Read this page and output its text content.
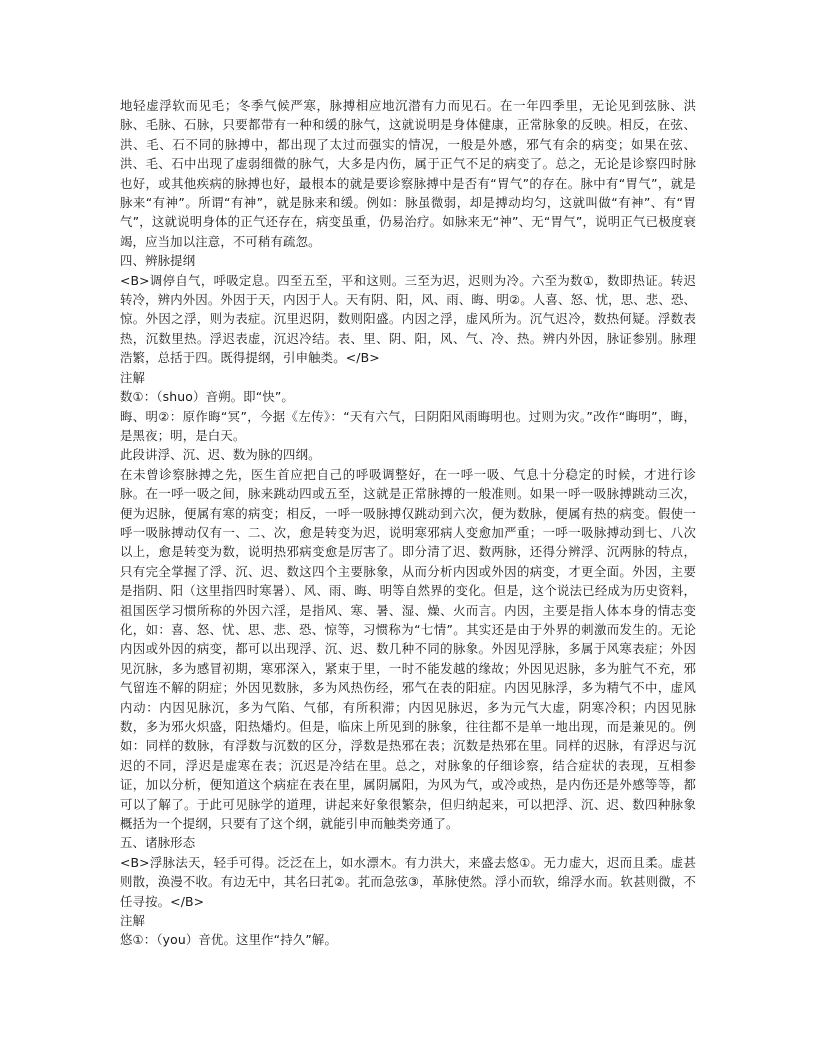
地轻虚浮软而见毛；冬季气候严寒，脉搏相应地沉潜有力而见石。在一年四季里，无论见到弦脉、洪脉、毛脉、石脉，只要都带有一种和缓的脉气，这就说明是身体健康，正常脉象的反映。相反，在弦、洪、毛、石不同的脉搏中，都出现了太过而强实的情况，一般是外感，邪气有余的病变；如果在弦、洪、毛、石中出现了虚弱细微的脉气，大多是内伤，属于正气不足的病变了。总之，无论是诊察四时脉也好，或其他疾病的脉搏也好，最根本的就是要诊察脉搏中是否有“胃气”的存在。脉中有“胃气”，就是脉来“有神”。所谓“有神”，就是脉来和缓。例如：脉虽微弱，却是搏动均匀，这就叫做“有神”、有“胃气”，这就说明身体的正气还存在，病变虽重，仍易治疗。如脉来无“神”、无“胃气”，说明正气已极度衰竭，应当加以注意，不可稍有疏忽。

四、辨脉提纲

<B>调停自气，呼吸定息。四至五至，平和这则。三至为迟，迟则为冷。六至为数①，数即热证。转迟转冷，辨内外因。外因于天，内因于人。天有阴、阳，风、雨、晦、明②。人喜、怒、忧，思、悲、恐、惊。外因之浮，则为表症。沉里迟阴，数则阳盛。内因之浮，虚风所为。沉气迟冷，数热何疑。浮数表热，沉数里热。浮迟表虚，沉迟冷结。表、里、阴、阳，风、气、冷、热。辨内外因，脉证参别。脉理浩繁，总括于四。既得提纲，引申触类。</B>

注解

数①：（shuo）音朔。即“快”。

晦、明②：原作晦“冥”，今据《左传》：“天有六气，曰阴阳风雨晦明也。过则为灾。”改作“晦明”，晦，是黑夜；明，是白天。

此段讲浮、沉、迟、数为脉的四纲。

在未曾诊察脉搏之先，医生首应把自己的呼吸调整好，在一呼一吸、气息十分稳定的时候，才进行诊脉。在一呼一吸之间，脉来跳动四或五至，这就是正常脉搏的一般准则。如果一呼一吸脉搏跳动三次，便为迟脉，便属有寒的病变；相反，一呼一吸脉搏仅跳动到六次，便为数脉，便属有热的病变。假使一呼一吸脉搏动仅有一、二、次，愈是转变为迟，说明寒邪病人变愈加严重；一呼一吸脉搏动到七、八次以上，愈是转变为数，说明热邪病变愈是厉害了。即分清了迟、数两脉，还得分辨浮、沉两脉的特点，只有完全掌握了浮、沉、迟、数这四个主要脉象，从而分析内因或外因的病变，才更全面。外因，主要是指阴、阳（这里指四时寒暑）、风、雨、晦、明等自然界的变化。但是，这个说法已经成为历史资料，祖国医学习惯所称的外因六淫，是指风、寒、暑、湿、燥、火而言。内因，主要是指人体本身的情志变化，如：喜、怒、忧、思、悲、恐、惊等，习惯称为“七情”。其实还是由于外界的刺激而发生的。无论内因或外因的病变，都可以出现浮、沉、迟、数几种不同的脉象。外因见浮脉，多属于风寒表症；外因见沉脉，多为感冒初期，寒邪深入，紧束于里，一时不能发越的缘故；外因见迟脉，多为脏气不充，邪气留连不解的阴症；外因见数脉，多为风热伤经，邪气在表的阳症。内因见脉浮，多为精气不中，虚风内动：内因见脉沉，多为气陷、气郁，有所积滞；内因见脉迟，多为元气大虚，阴寒冷积；内因见脉数，多为邪火炽盛，阳热燔灼。但是，临床上所见到的脉象，往往都不是单一地出现，而是兼见的。例如：同样的数脉，有浮数与沉数的区分，浮数是热邪在表；沉数是热邪在里。同样的迟脉，有浮迟与沉迟的不同，浮迟是虚寒在表；沉迟是冷结在里。总之，对脉象的仔细诊察，结合症状的表现，互相参证，加以分析，便知道这个病症在表在里，属阴属阳，为风为气，或冷或热，是内伤还是外感等等，都可以了解了。于此可见脉学的道理，讲起来好象很繁杂，但归纳起来，可以把浮、沉、迟、数四种脉象概括为一个提纲，只要有了这个纲，就能引申而触类旁通了。

五、诸脉形态

<B>浮脉法天，轻手可得。泛泛在上，如水漂木。有力洪大，来盛去悠①。无力虚大，迟而且柔。虚甚则散，涣漫不收。有边无中，其名曰芤②。芤而急弦③，革脉使然。浮小而软，绵浮水而。软甚则微，不任寻按。</B>

注解

悠①：（you）音优。这里作“持久”解。
